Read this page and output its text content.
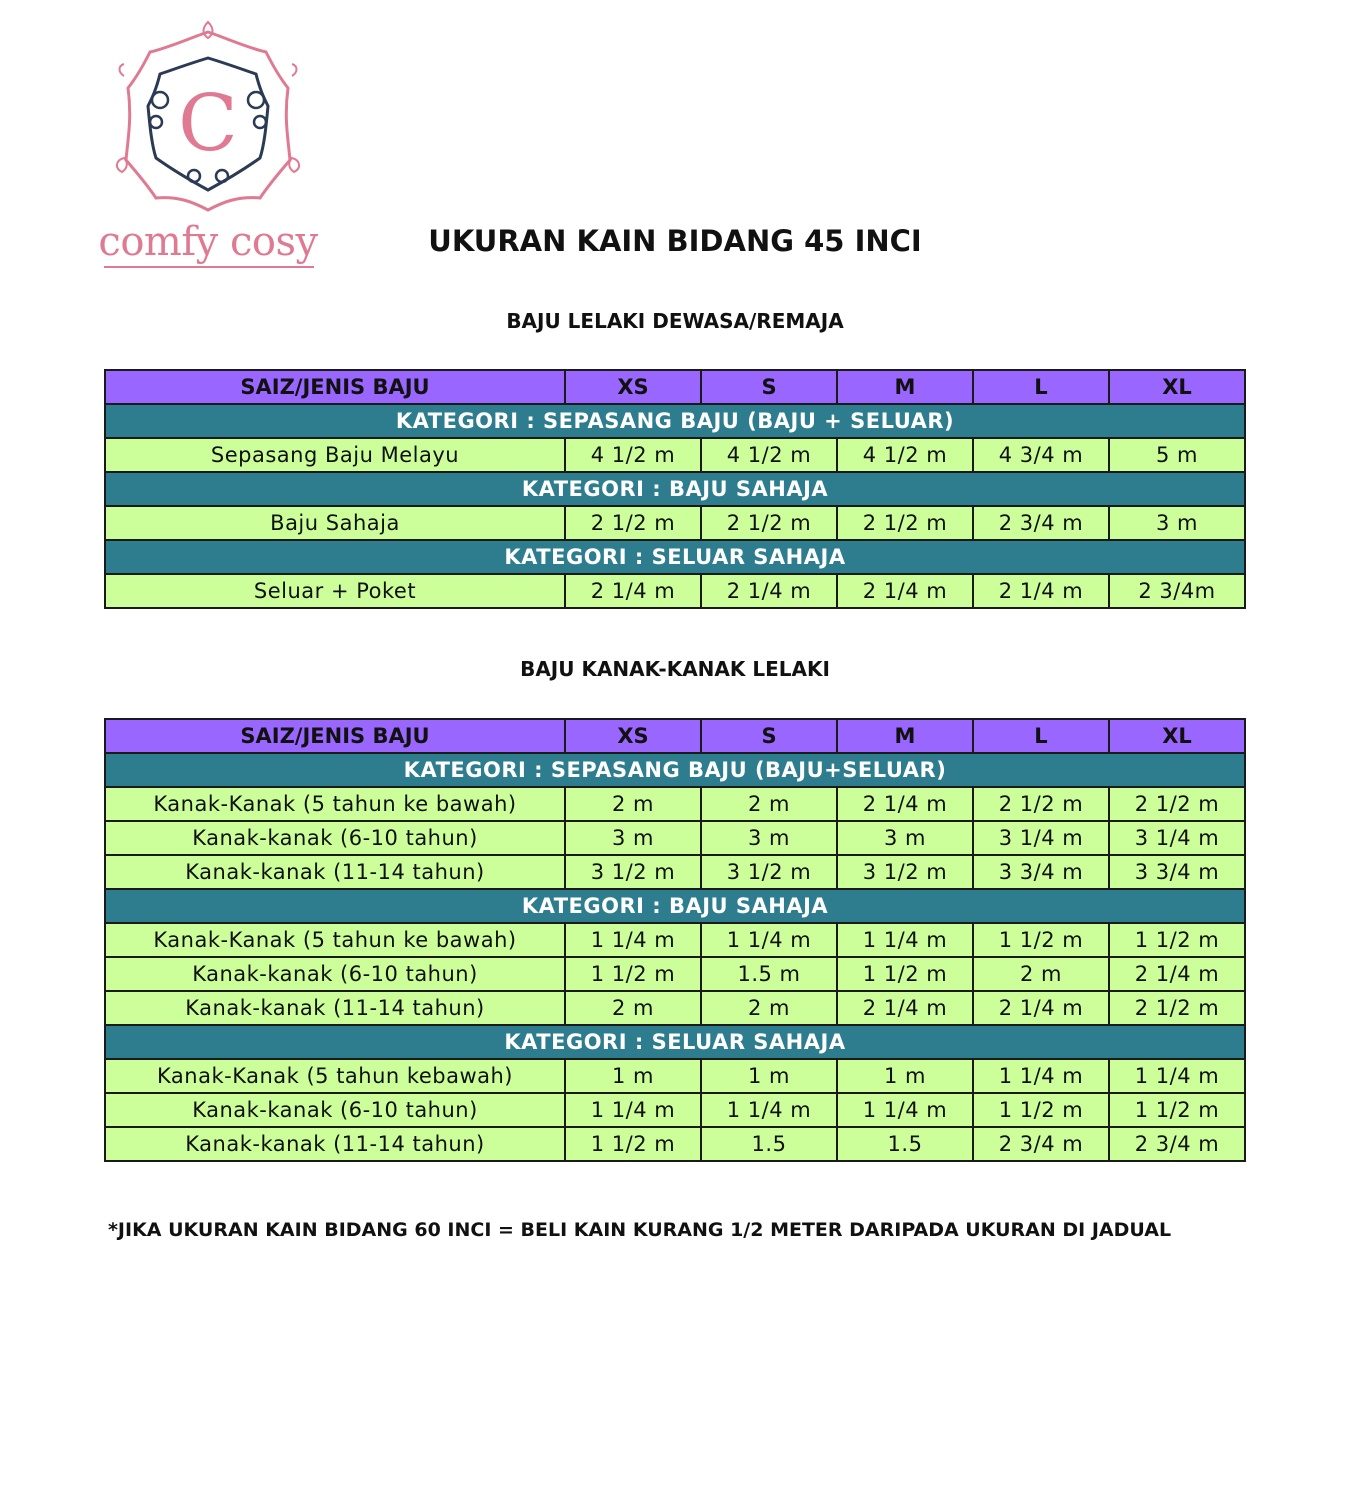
C
comfy cosy	UKURAN KAIN BIDANG 45 INCI
BAJU LELAKI DEWASA/REMAJA
SAIZ/JENIS BAJU	XS	S	M	L	XL
KATEGORI : SEPASANG BAJU (BAJU + SELUAR)					
Sepasang Baju Melayu	4 1/2 m	4 1/2 m	4 1/2 m	4 3/4 m	5 m
KATEGORI : BAJU SAHAJA					
Baju Sahaja	2 1/2 m	2 1/2 m	2 1/2 m	2 3/4 m	3 m
KATEGORI : SELUAR SAHAJA					
Seluar + Poket	2 1/4 m	2 1/4 m	2 1/4 m	2 1/4 m	2 3/4m
BAJU KANAK-KANAK LELAKI
SAIZ/JENIS BAJU	XS	S	M	L	XL
KATEGORI : SEPASANG BAJU (BAJU+SELUAR)					
Kanak-Kanak (5 tahun ke bawah)	2 m	2 m	2 1/4 m	2 1/2 m	2 1/2 m
Kanak-kanak (6-10 tahun)	3 m	3 m	3 m	3 1/4 m	3 1/4 m
Kanak-kanak (11-14 tahun)	3 1/2 m	3 1/2 m	3 1/2 m	3 3/4 m	3 3/4 m
KATEGORI : BAJU SAHAJA					
Kanak-Kanak (5 tahun ke bawah)	1 1/4 m	1 1/4 m	1 1/4 m	1 1/2 m	1 1/2 m
Kanak-kanak (6-10 tahun)	1 1/2 m	1.5 m	1 1/2 m	2 m	2 1/4 m
Kanak-kanak (11-14 tahun)	2 m	2 m	2 1/4 m	2 1/4 m	2 1/2 m
KATEGORI : SELUAR SAHAJA					
Kanak-Kanak (5 tahun kebawah)	1 m	1 m	1 m	1 1/4 m	1 1/4 m
Kanak-kanak (6-10 tahun)	1 1/4 m	1 1/4 m	1 1/4 m	1 1/2 m	1 1/2 m
Kanak-kanak (11-14 tahun)	1 1/2 m	1.5	1.5	2 3/4 m	2 3/4 m
*JIKA UKURAN KAIN BIDANG 60 INCI = BELI KAIN KURANG 1/2 METER DARIPADA UKURAN DI JADUAL
